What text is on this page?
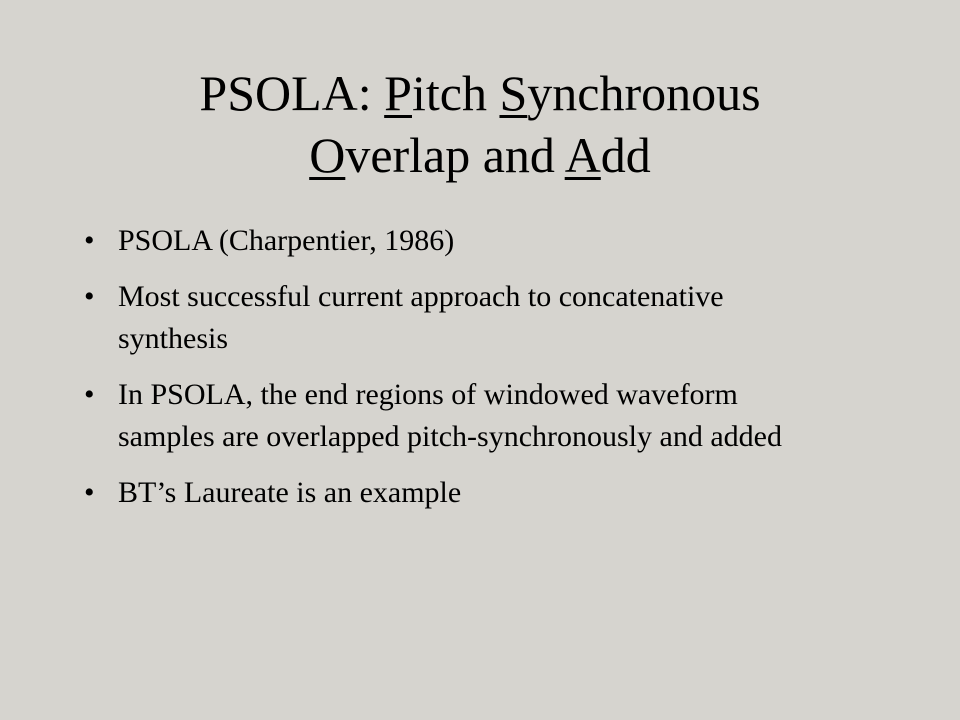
PSOLA: Pitch Synchronous
Overlap and Add
• PSOLA (Charpentier, 1986)
• Most successful current approach to concatenative synthesis
• In PSOLA, the end regions of windowed waveform samples are overlapped pitch-synchronously and added
• BT’s Laureate is an example
